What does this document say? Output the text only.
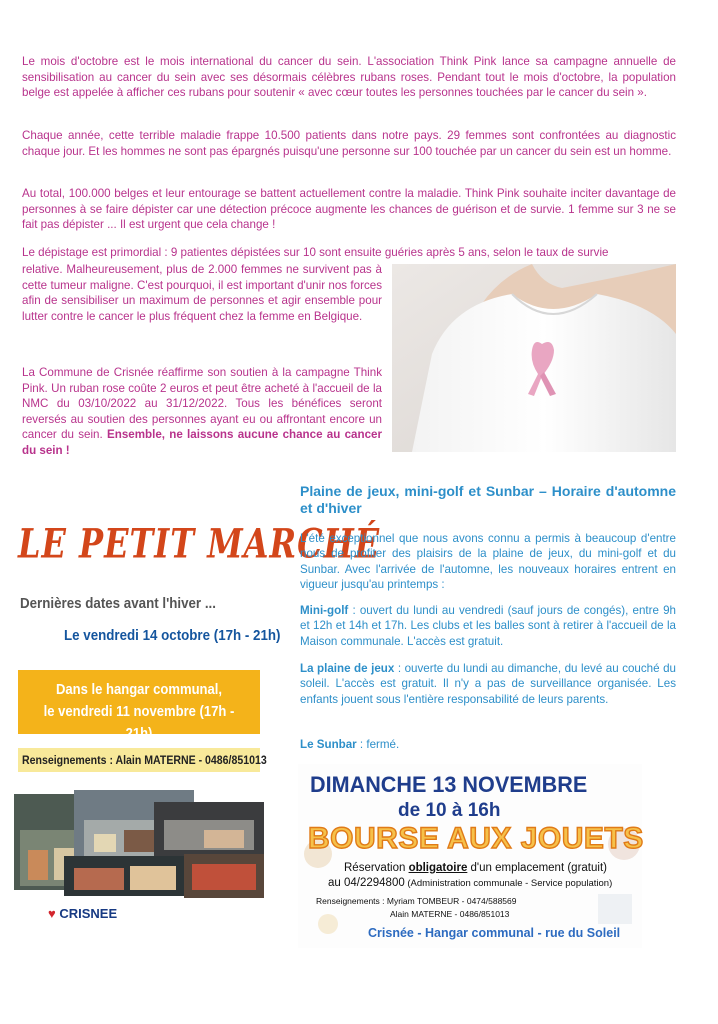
Le mois d'octobre est le mois international du cancer du sein. L'association Think Pink lance sa campagne annuelle de sensibilisation au cancer du sein avec ses désormais célèbres rubans roses. Pendant tout le mois d'octobre, la population belge est appelée à afficher ces rubans pour soutenir « avec cœur toutes les personnes touchées par le cancer du sein ».

Chaque année, cette terrible maladie frappe 10.500 patients dans notre pays. 29 femmes sont confrontées au diagnostic chaque jour. Et les hommes ne sont pas épargnés puisqu'une personne sur 100 touchée par un cancer du sein est un homme.

Au total, 100.000 belges et leur entourage se battent actuellement contre la maladie. Think Pink souhaite inciter davantage de personnes à se faire dépister car une détection précoce augmente les chances de guérison et de survie. 1 femme sur 3 ne se fait pas dépister ... Il est urgent que cela change !

Le dépistage est primordial : 9 patientes dépistées sur 10 sont ensuite guéries après 5 ans, selon le taux de survie

relative. Malheureusement, plus de 2.000 femmes ne survivent pas à cette tumeur maligne. C'est pourquoi, il est important d'unir nos forces afin de sensibiliser un maximum de personnes et agir ensemble pour lutter contre le cancer le plus fréquent chez la femme en Belgique.

La Commune de Crisnée réaffirme son soutien à la campagne Think Pink. Un ruban rose coûte 2 euros et peut être acheté à l'accueil de la NMC du 03/10/2022 au 31/12/2022. Tous les bénéfices seront reversés au soutien des personnes ayant eu ou affrontant encore un cancer du sein. Ensemble, ne laissons aucune chance au cancer du sein !

LE PETIT MARCHÉ
Dernières dates avant l'hiver ...
Le vendredi 14 octobre (17h - 21h)
Dans le hangar communal,
le vendredi 11 novembre (17h - 21h)
Renseignements : Alain MATERNE - 0486/851013
♥ CRISNEE
Plaine de jeux, mini-golf et Sunbar – Horaire d'automne et d'hiver

L'été exceptionnel que nous avons connu a permis à beaucoup d'entre nous de profiter des plaisirs de la plaine de jeux, du mini-golf et du Sunbar. Avec l'arrivée de l'automne, les nouveaux horaires entrent en vigueur jusqu'au printemps :

Mini-golf : ouvert du lundi au vendredi (sauf jours de congés), entre 9h et 12h et 14h et 17h. Les clubs et les balles sont à retirer à l'accueil de la Maison communale. L'accès est gratuit.

La plaine de jeux : ouverte du lundi au dimanche, du levé au couché du soleil. L'accès est gratuit. Il n'y a pas de surveillance organisée. Les enfants jouent sous l'entière responsabilité de leurs parents.

Le Sunbar : fermé.

DIMANCHE 13 NOVEMBRE
de 10 à 16h
BOURSE AUX JOUETS
Réservation obligatoire d'un emplacement (gratuit)
au 04/2294800 (Administration communale - Service population)
Renseignements : Myriam TOMBEUR - 0474/588569
Alain MATERNE - 0486/851013
Crisnée - Hangar communal - rue du Soleil
